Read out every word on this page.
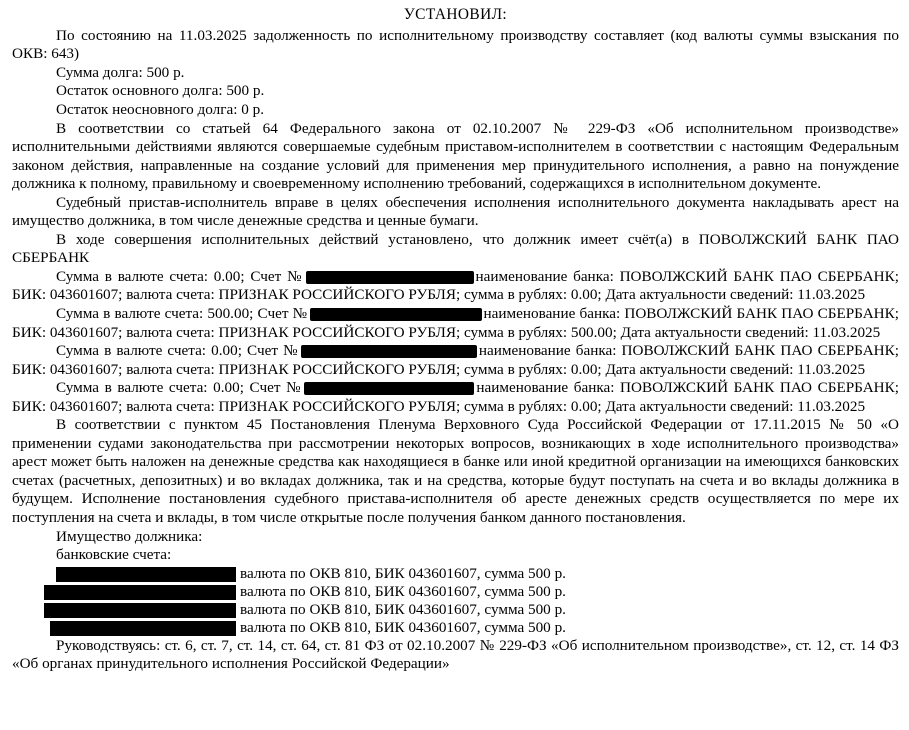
УСТАНОВИЛ:

По состоянию на 11.03.2025 задолженность по исполнительному производству составляет (код валюты суммы взыскания по ОКВ: 643)

Сумма долга: 500 р.
Остаток основного долга: 500 р.
Остаток неосновного долга: 0 р.

В соответствии со статьей 64 Федерального закона от 02.10.2007 № 229-ФЗ «Об исполнительном производстве» исполнительными действиями являются совершаемые судебным приставом-исполнителем в соответствии с настоящим Федеральным законом действия, направленные на создание условий для применения мер принудительного исполнения, а равно на понуждение должника к полному, правильному и своевременному исполнению требований, содержащихся в исполнительном документе.

Судебный пристав-исполнитель вправе в целях обеспечения исполнения исполнительного документа накладывать арест на имущество должника, в том числе денежные средства и ценные бумаги.

В ходе совершения исполнительных действий установлено, что должник имеет счёт(а) в ПОВОЛЖСКИЙ БАНК ПАО СБЕРБАНК

Сумма в валюте счета: 0.00; Счет №	наименование банка: ПОВОЛЖСКИЙ БАНК ПАО СБЕРБАНК; БИК: 043601607; валюта счета: ПРИЗНАК РОССИЙСКОГО РУБЛЯ; сумма в рублях: 0.00; Дата актуальности сведений: 11.03.2025
Сумма в валюте счета: 500.00; Счет №	наименование банка: ПОВОЛЖСКИЙ БАНК ПАО СБЕРБАНК; БИК: 043601607; валюта счета: ПРИЗНАК РОССИЙСКОГО РУБЛЯ; сумма в рублях: 500.00; Дата актуальности сведений: 11.03.2025
Сумма в валюте счета: 0.00; Счет №	наименование банка: ПОВОЛЖСКИЙ БАНК ПАО СБЕРБАНК; БИК: 043601607; валюта счета: ПРИЗНАК РОССИЙСКОГО РУБЛЯ; сумма в рублях: 0.00; Дата актуальности сведений: 11.03.2025
Сумма в валюте счета: 0.00; Счет №	наименование банка: ПОВОЛЖСКИЙ БАНК ПАО СБЕРБАНК; БИК: 043601607; валюта счета: ПРИЗНАК РОССИЙСКОГО РУБЛЯ; сумма в рублях: 0.00; Дата актуальности сведений: 11.03.2025

В соответствии с пунктом 45 Постановления Пленума Верховного Суда Российской Федерации от 17.11.2015 № 50 «О применении судами законодательства при рассмотрении некоторых вопросов, возникающих в ходе исполнительного производства» арест может быть наложен на денежные средства как находящиеся в банке или иной кредитной организации на имеющихся банковских счетах (расчетных, депозитных) и во вкладах должника, так и на средства, которые будут поступать на счета и во вклады должника в будущем. Исполнение постановления судебного пристава-исполнителя об аресте денежных средств осуществляется по мере их поступления на счета и вклады, в том числе открытые после получения банком данного постановления.

Имущество должника:
банковские счета:
валюта по ОКВ 810, БИК 043601607, сумма 500 р.
валюта по ОКВ 810, БИК 043601607, сумма 500 р.
валюта по ОКВ 810, БИК 043601607, сумма 500 р.
валюта по ОКВ 810, БИК 043601607, сумма 500 р.

Руководствуясь: ст. 6, ст. 7, ст. 14, ст. 64, ст. 81 ФЗ от 02.10.2007 № 229-ФЗ «Об исполнительном производстве», ст. 12, ст. 14 ФЗ «Об органах принудительного исполнения Российской Федерации»
